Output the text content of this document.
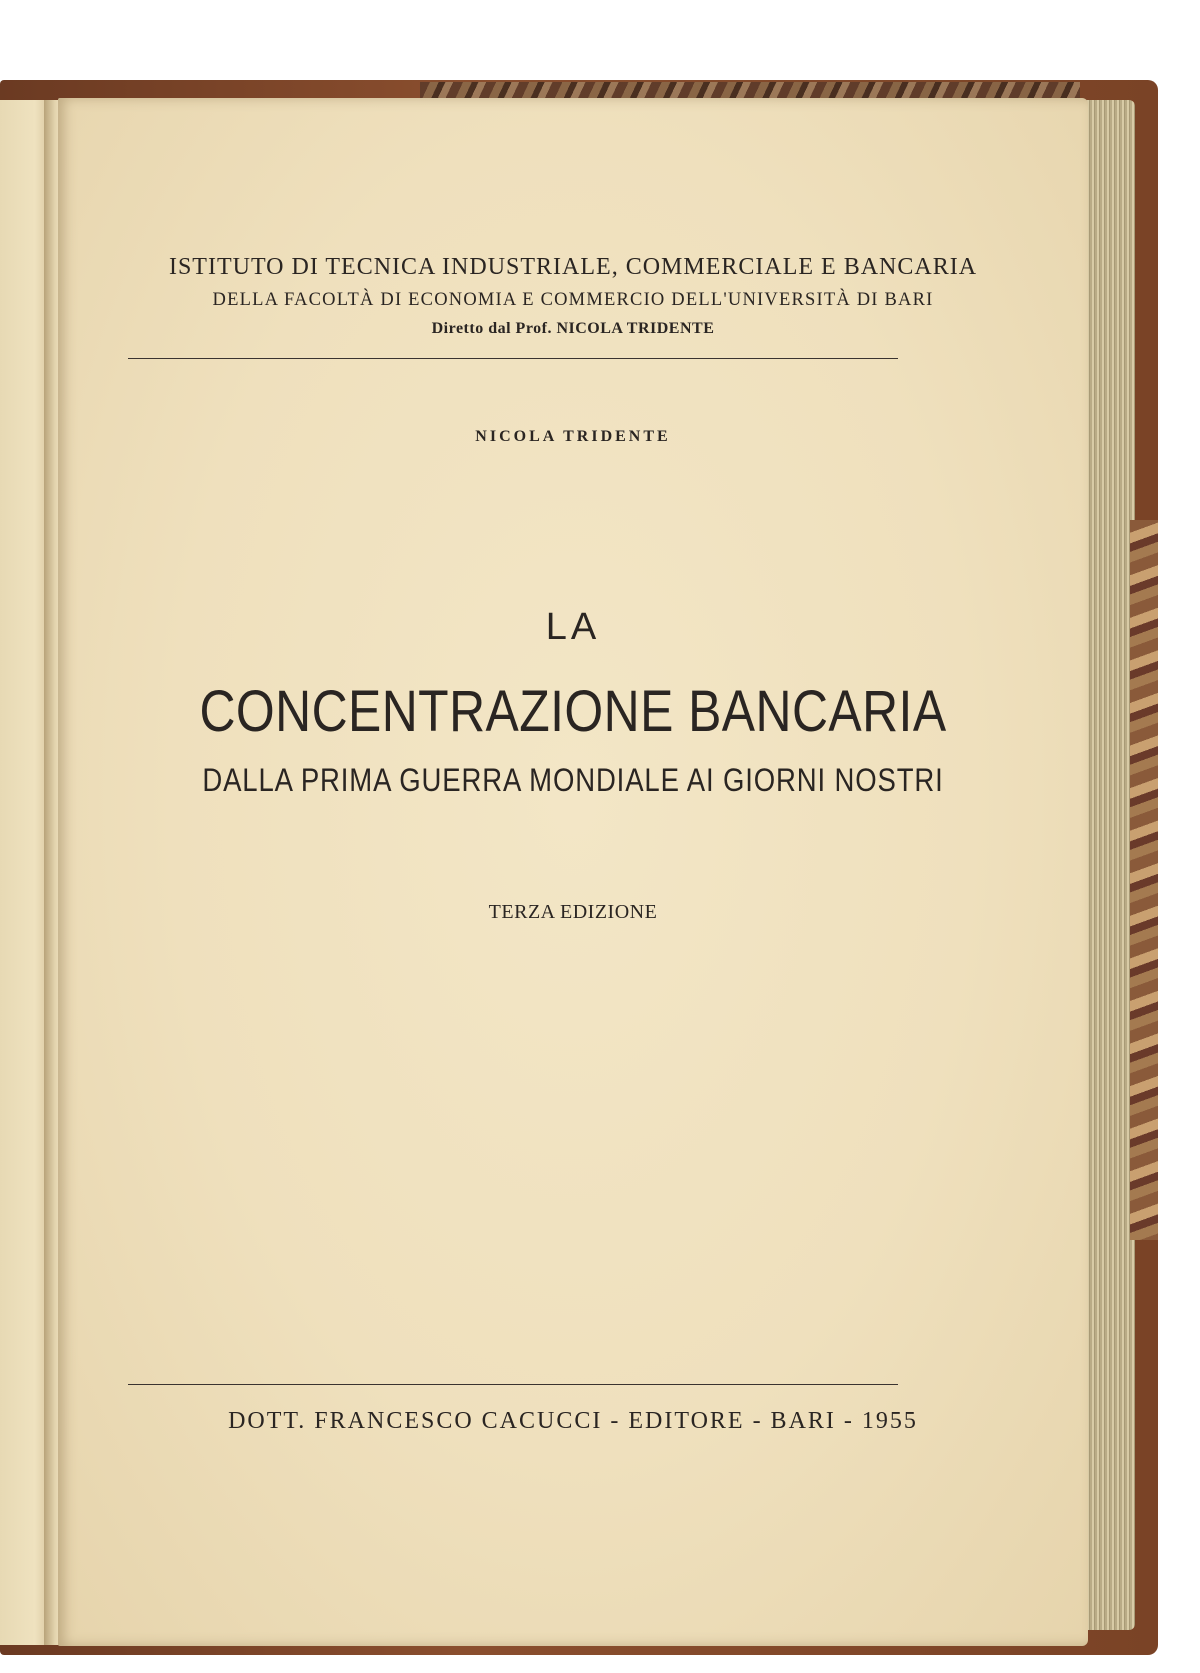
ISTITUTO DI TECNICA INDUSTRIALE, COMMERCIALE E BANCARIA
DELLA FACOLTÀ DI ECONOMIA E COMMERCIO DELL'UNIVERSITÀ DI BARI
Diretto dal Prof. NICOLA TRIDENTE
NICOLA TRIDENTE
LA
CONCENTRAZIONE BANCARIA
DALLA PRIMA GUERRA MONDIALE AI GIORNI NOSTRI
TERZA EDIZIONE
DOTT. FRANCESCO CACUCCI - EDITORE - BARI - 1955
